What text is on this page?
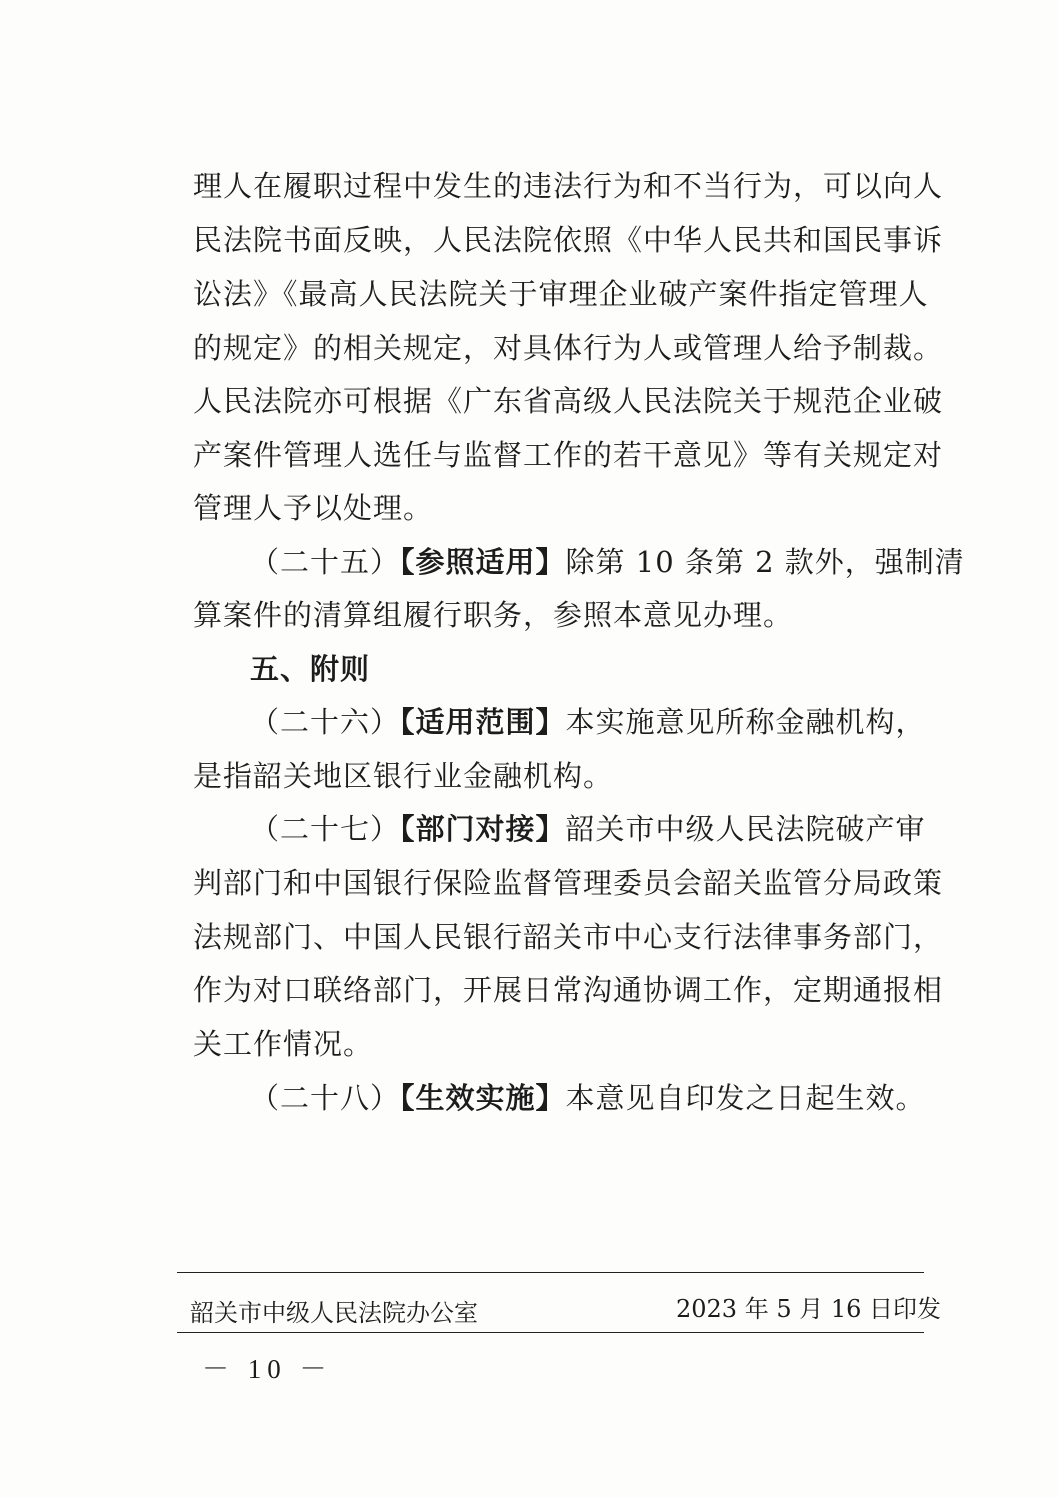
理人在履职过程中发生的违法行为和不当行为，可以向人
民法院书面反映，人民法院依照《中华人民共和国民事诉
讼法》《最高人民法院关于审理企业破产案件指定管理人
的规定》的相关规定，对具体行为人或管理人给予制裁。
人民法院亦可根据《广东省高级人民法院关于规范企业破
产案件管理人选任与监督工作的若干意见》等有关规定对
管理人予以处理。
（二十五）【参照适用】除第 10 条第 2 款外，强制清
算案件的清算组履行职务，参照本意见办理。
五、附则
（二十六）【适用范围】本实施意见所称金融机构，
是指韶关地区银行业金融机构。
（二十七）【部门对接】韶关市中级人民法院破产审
判部门和中国银行保险监督管理委员会韶关监管分局政策
法规部门、中国人民银行韶关市中心支行法律事务部门，
作为对口联络部门，开展日常沟通协调工作，定期通报相
关工作情况。
（二十八）【生效实施】本意见自印发之日起生效。
韶关市中级人民法院办公室	2023 年 5 月 16 日印发
－ 10 －
